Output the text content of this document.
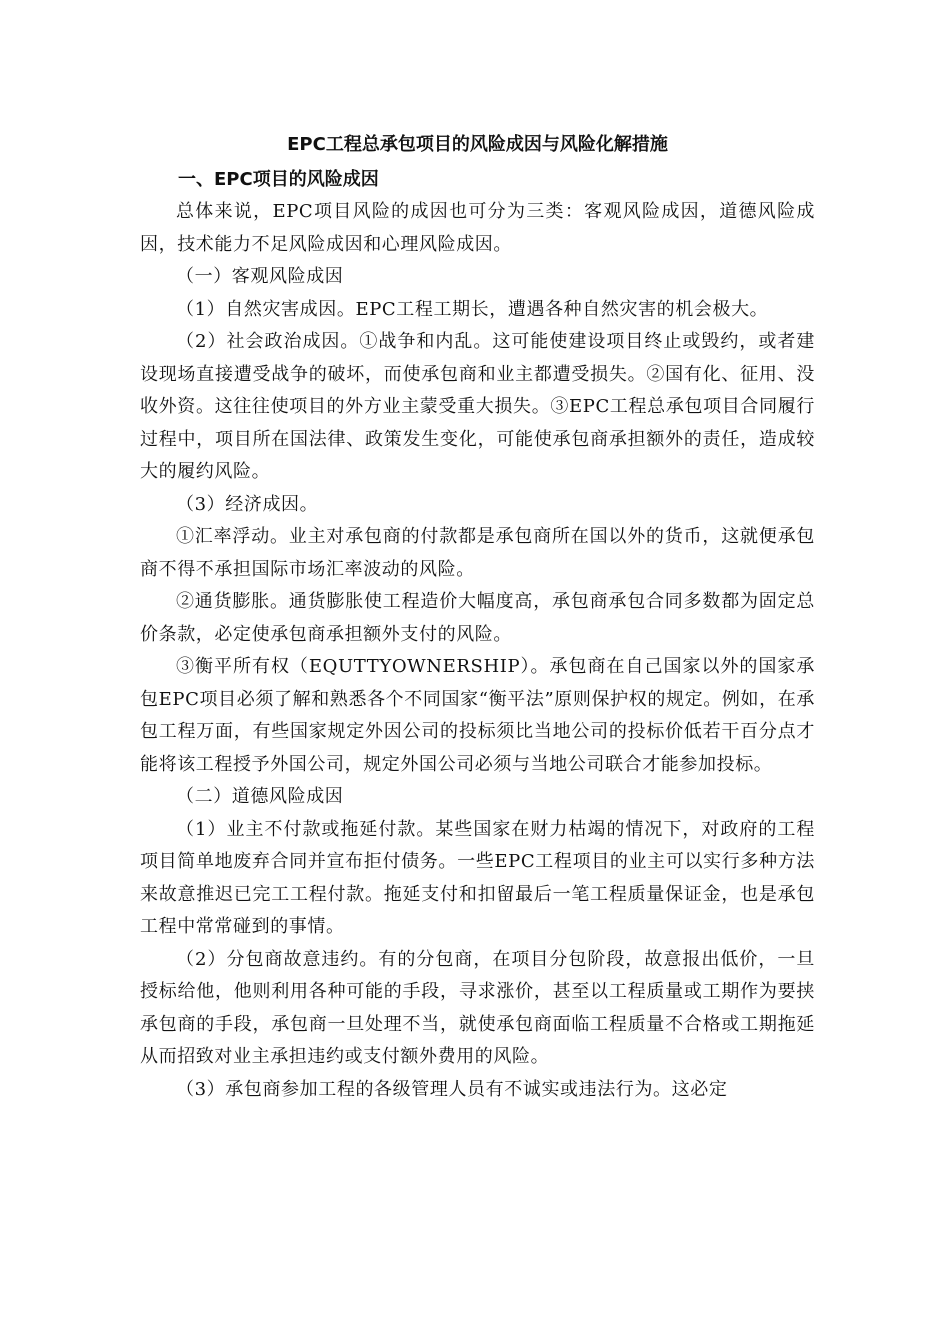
EPC工程总承包项目的风险成因与风险化解措施
一、EPC项目的风险成因

总体来说，EPC项目风险的成因也可分为三类：客观风险成因，道德风险成因，技术能力不足风险成因和心理风险成因。

（一）客观风险成因

（1）自然灾害成因。EPC工程工期长，遭遇各种自然灾害的机会极大。

（2）社会政治成因。①战争和内乱。这可能使建设项目终止或毁约，或者建设现场直接遭受战争的破坏，而使承包商和业主都遭受损失。②国有化、征用、没收外资。这往往使项目的外方业主蒙受重大损失。③EPC工程总承包项目合同履行过程中，项目所在国法律、政策发生变化，可能使承包商承担额外的责任，造成较大的履约风险。

（3）经济成因。

①汇率浮动。业主对承包商的付款都是承包商所在国以外的货币，这就便承包商不得不承担国际市场汇率波动的风险。

②通货膨胀。通货膨胀使工程造价大幅度高，承包商承包合同多数都为固定总价条款，必定使承包商承担额外支付的风险。

③衡平所有权（EQUTTYOWNERSHIP）。承包商在自己国家以外的国家承包EPC项目必须了解和熟悉各个不同国家“衡平法”原则保护权的规定。例如，在承包工程万面，有些国家规定外因公司的投标须比当地公司的投标价低若干百分点才能将该工程授予外国公司，规定外国公司必须与当地公司联合才能参加投标。

（二）道德风险成因

（1）业主不付款或拖延付款。某些国家在财力枯竭的情况下，对政府的工程项目简单地废弃合同并宣布拒付债务。一些EPC工程项目的业主可以实行多种方法来故意推迟已完工工程付款。拖延支付和扣留最后一笔工程质量保证金，也是承包工程中常常碰到的事情。

（2）分包商故意违约。有的分包商，在项目分包阶段，故意报出低价，一旦授标给他，他则利用各种可能的手段，寻求涨价，甚至以工程质量或工期作为要挟承包商的手段，承包商一旦处理不当，就使承包商面临工程质量不合格或工期拖延从而招致对业主承担违约或支付额外费用的风险。

（3）承包商参加工程的各级管理人员有不诚实或违法行为。这必定
